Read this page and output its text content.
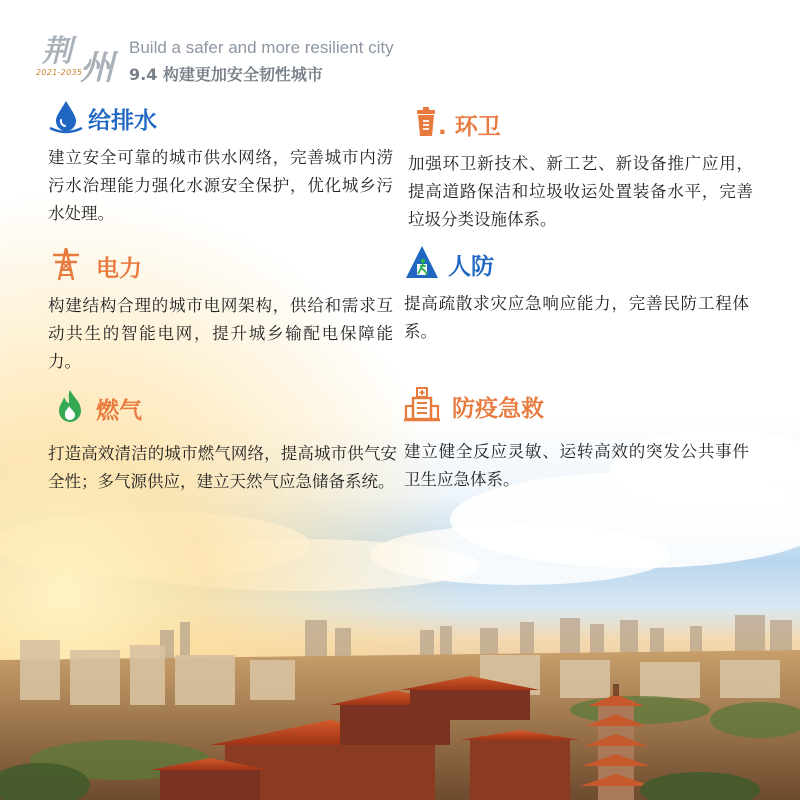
荆 州
2021-2035
Build a safer and more resilient city
9.4 构建更加安全韧性城市
给排水
建立安全可靠的城市供水网络，完善城市内涝污水治理能力强化水源安全保护，优化城乡污水处理。
. 环卫
加强环卫新技术、新工艺、新设备推广应用，提高道路保洁和垃圾收运处置装备水平，完善垃圾分类设施体系。
电力
构建结构合理的城市电网架构，供给和需求互动共生的智能电网，提升城乡输配电保障能力。
人防
提高疏散求灾应急响应能力，完善民防工程体系。
燃气
打造高效清洁的城市燃气网络，提高城市供气安全性；多气源供应，建立天然气应急储备系统。
防疫急救
建立健全反应灵敏、运转高效的突发公共事件卫生应急体系。
